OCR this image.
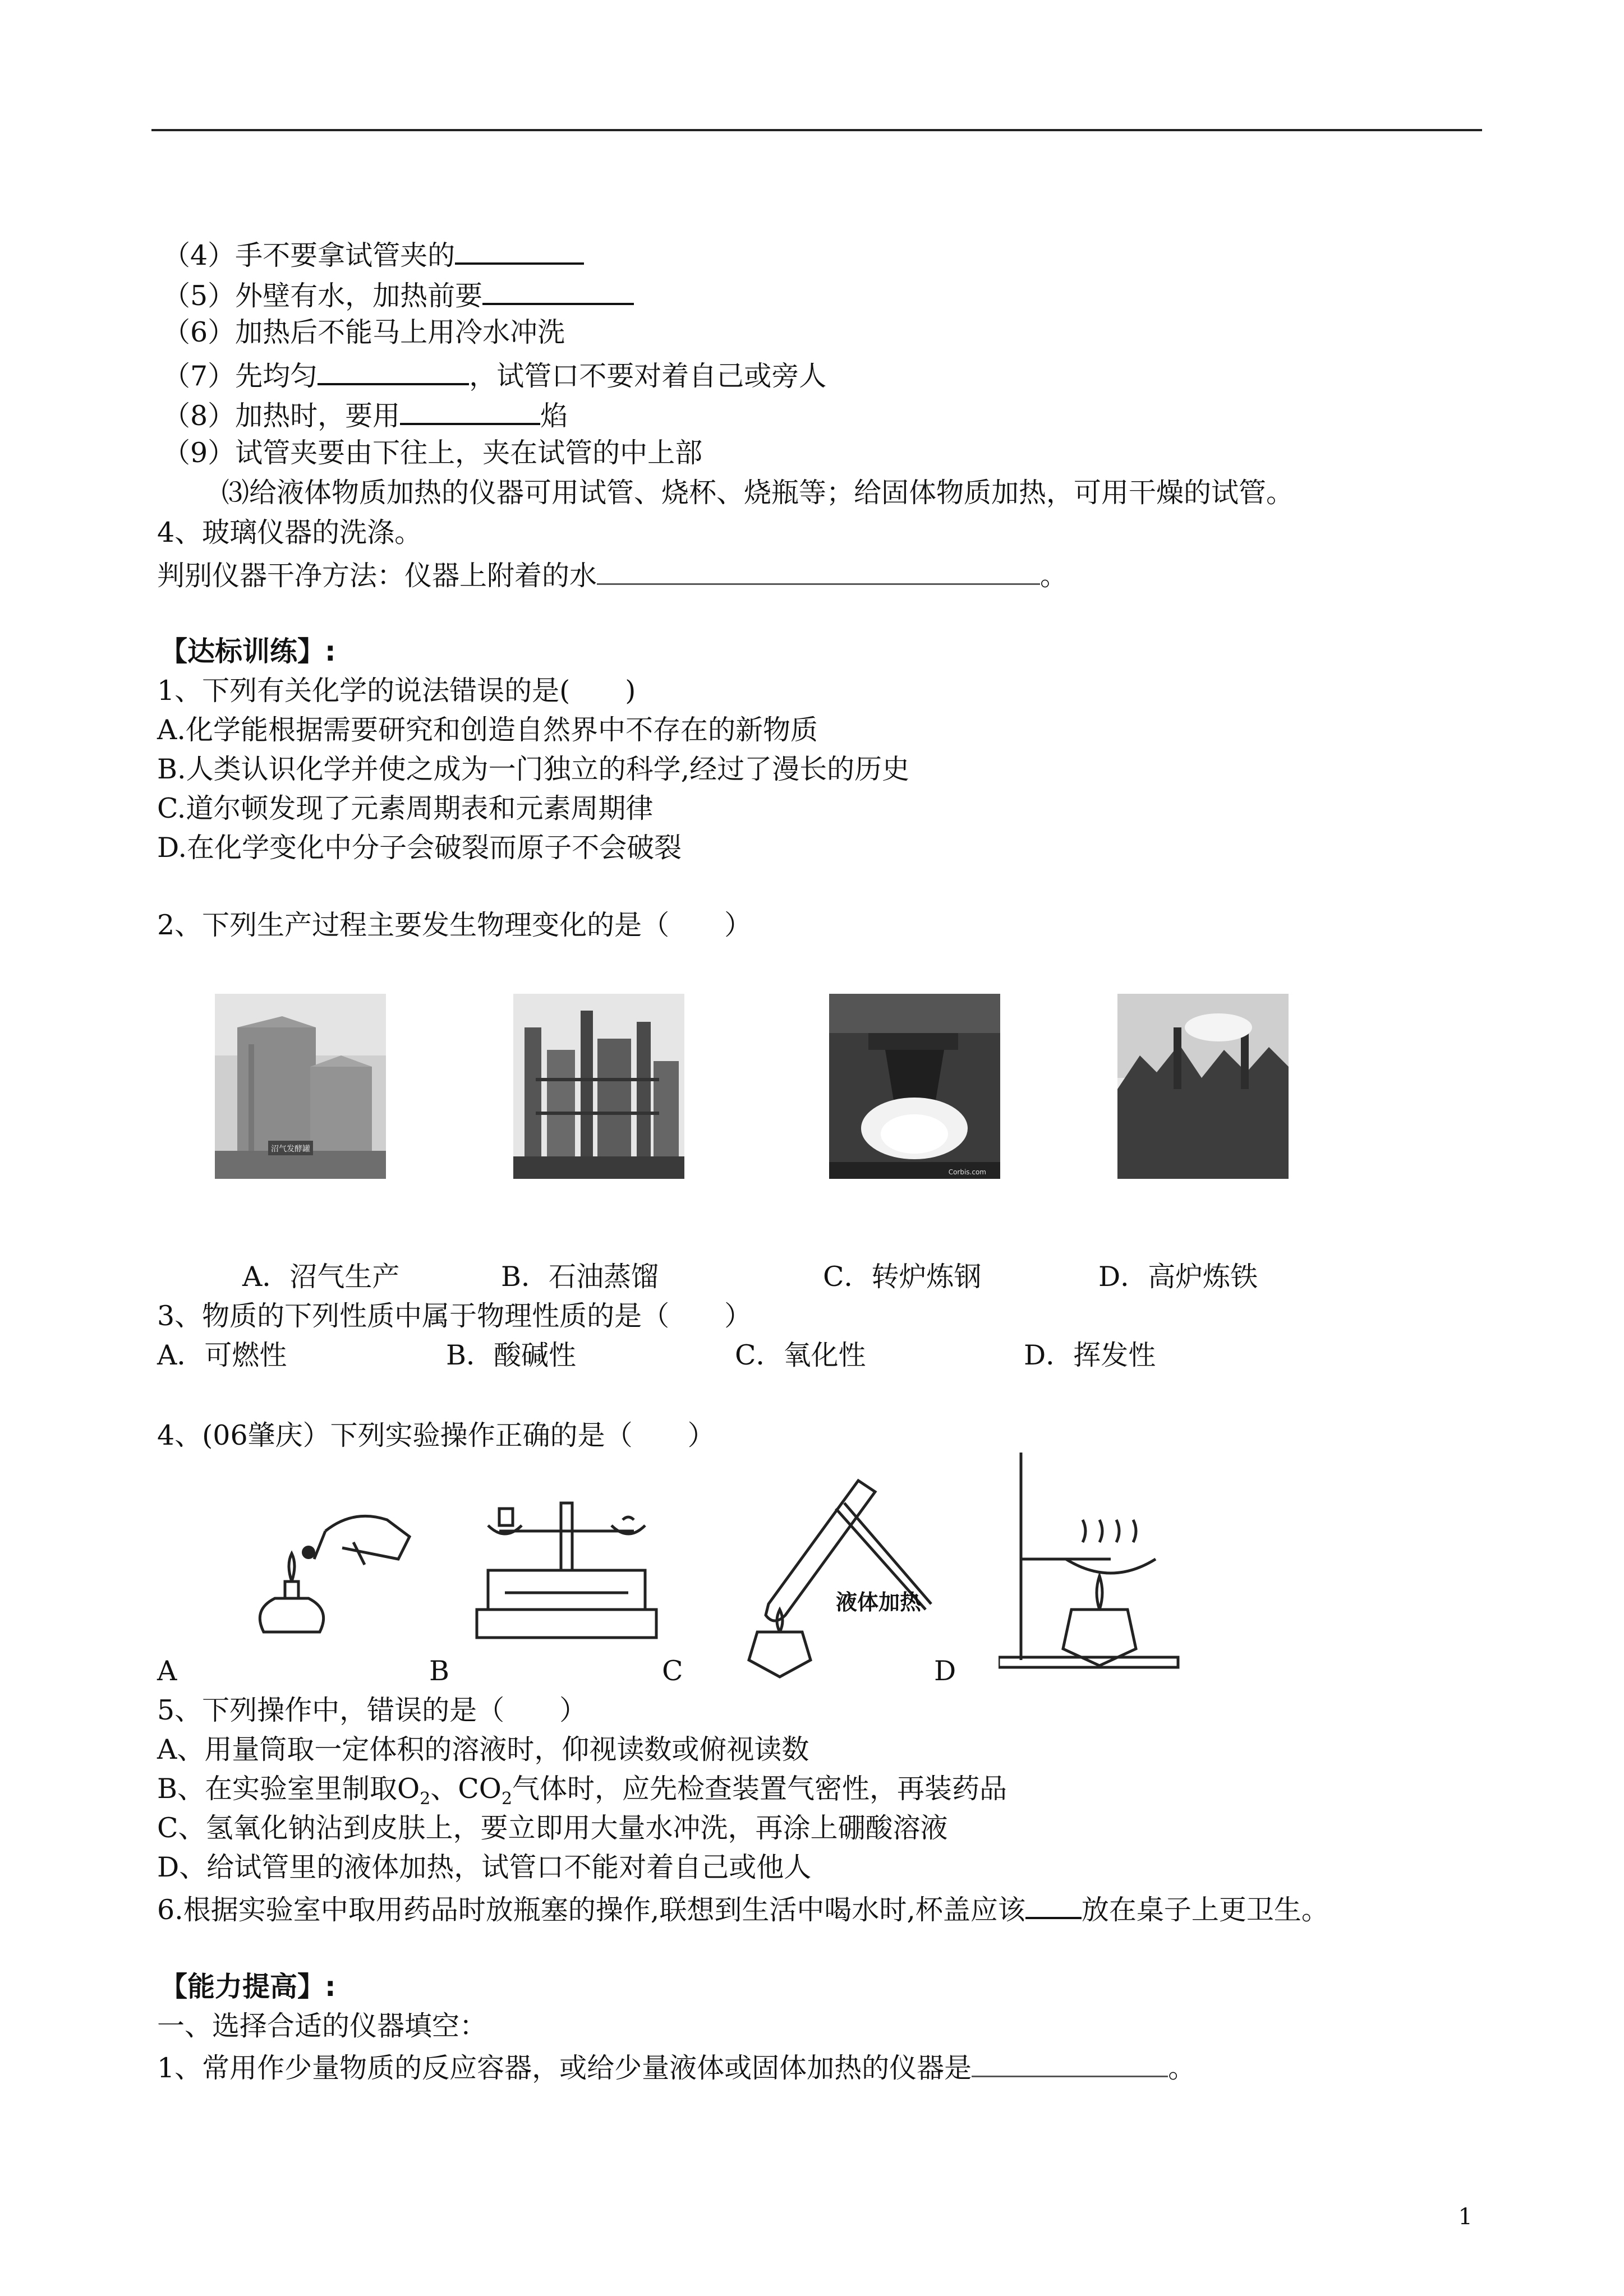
（4）手不要拿试管夹的
（5）外壁有水，加热前要
（6）加热后不能马上用冷水冲洗
（7）先均匀	，试管口不要对着自己或旁人
（8）加热时，要用	焰
（9）试管夹要由下往上，夹在试管的中上部
⑶给液体物质加热的仪器可用试管、烧杯、烧瓶等；给固体物质加热，可用干燥的试管。
4、玻璃仪器的洗涤。
判别仪器干净方法：仪器上附着的水	。
【达标训练】:
1、下列有关化学的说法错误的是(　　)
A.化学能根据需要研究和创造自然界中不存在的新物质
B.人类认识化学并使之成为一门独立的科学,经过了漫长的历史
C.道尔顿发现了元素周期表和元素周期律
D.在化学变化中分子会破裂而原子不会破裂
2、下列生产过程主要发生物理变化的是（　　）
沼气发酵罐
Corbis.com
A．沼气生产	B．石油蒸馏	C．转炉炼钢	D．高炉炼铁
3、物质的下列性质中属于物理性质的是（　　）
A．可燃性	B．酸碱性	C．氧化性	D．挥发性
4、(06肇庆）下列实验操作正确的是（　　）
液体加热
A	B	C	D
5、下列操作中，错误的是（　　）
A、用量筒取一定体积的溶液时，仰视读数或俯视读数
B、在实验室里制取$O_2$、$CO_2$气体时，应先检查装置气密性，再装药品
C、氢氧化钠沾到皮肤上，要立即用大量水冲洗，再涂上硼酸溶液
D、给试管里的液体加热，试管口不能对着自己或他人
6.根据实验室中取用药品时放瓶塞的操作,联想到生活中喝水时,杯盖应该 放在桌子上更卫生。
【能力提高】:
一、选择合适的仪器填空：
1、常用作少量物质的反应容器，或给少量液体或固体加热的仪器是	。
1
